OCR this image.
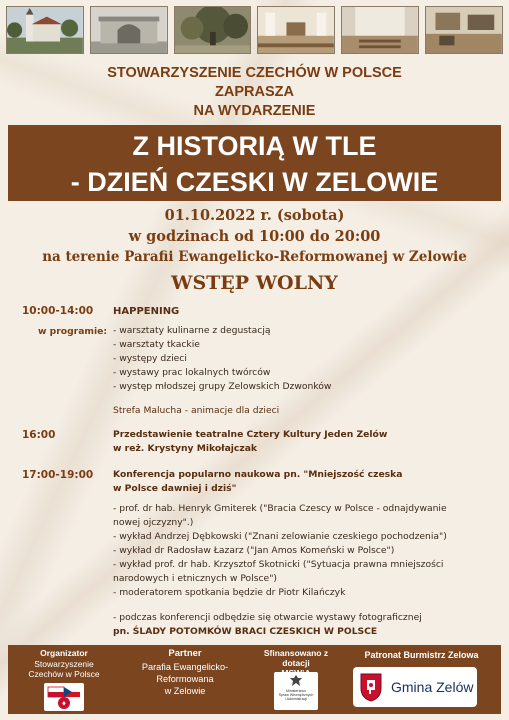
STOWARZYSZENIE CZECHÓW W POLSCE
ZAPRASZA
NA WYDARZENIE
Z HISTORIĄ W TLE
- DZIEŃ CZESKI W ZELOWIE
01.10.2022 r. (sobota)
w godzinach od 10:00 do 20:00
na terenie Parafii Ewangelicko-Reformowanej w Zelowie
WSTĘP WOLNY
10:00-14:00 HAPPENING
w programie: - warsztaty kulinarne z degustacją
- warsztaty tkackie
- występy dzieci
- wystawy prac lokalnych twórców
- występ młodszej grupy Zelowskich Dzwonków
Strefa Malucha - animacje dla dzieci
16:00	Przedstawienie teatralne Cztery Kultury Jeden Zelów
w reż. Krystyny Mikołajczak
17:00-19:00 Konferencja popularno naukowa pn. "Mniejszość czeska
w Polsce dawniej i dziś"
- prof. dr hab. Henryk Gmiterek ("Bracia Czescy w Polsce - odnajdywanie
nowej ojczyzny".)
- wykład Andrzej Dębkowski ("Znani zelowianie czeskiego pochodzenia")
- wykład dr Radosław Łazarz ("Jan Amos Komeński w Polsce")
- wykład prof. dr hab. Krzysztof Skotnicki ("Sytuacja prawna mniejszości
narodowych i etnicznych w Polsce")
- moderatorem spotkania będzie dr Piotr Kilańczyk
- podczas konferencji odbędzie się otwarcie wystawy fotograficznej
pn. ŚLADY POTOMKÓW BRACI CZESKICH W POLSCE
Organizator
Stowarzyszenie
Czechów w Polsce
♦
Partner
Parafia Ewangelicko-
Reformowana
w Zelowie
Sfinansowano z dotacji
Ministerstwo
Spraw Wewnętrznych
i Administracji
Patronat Burmistrz Zelowa
Gmina Zelów
